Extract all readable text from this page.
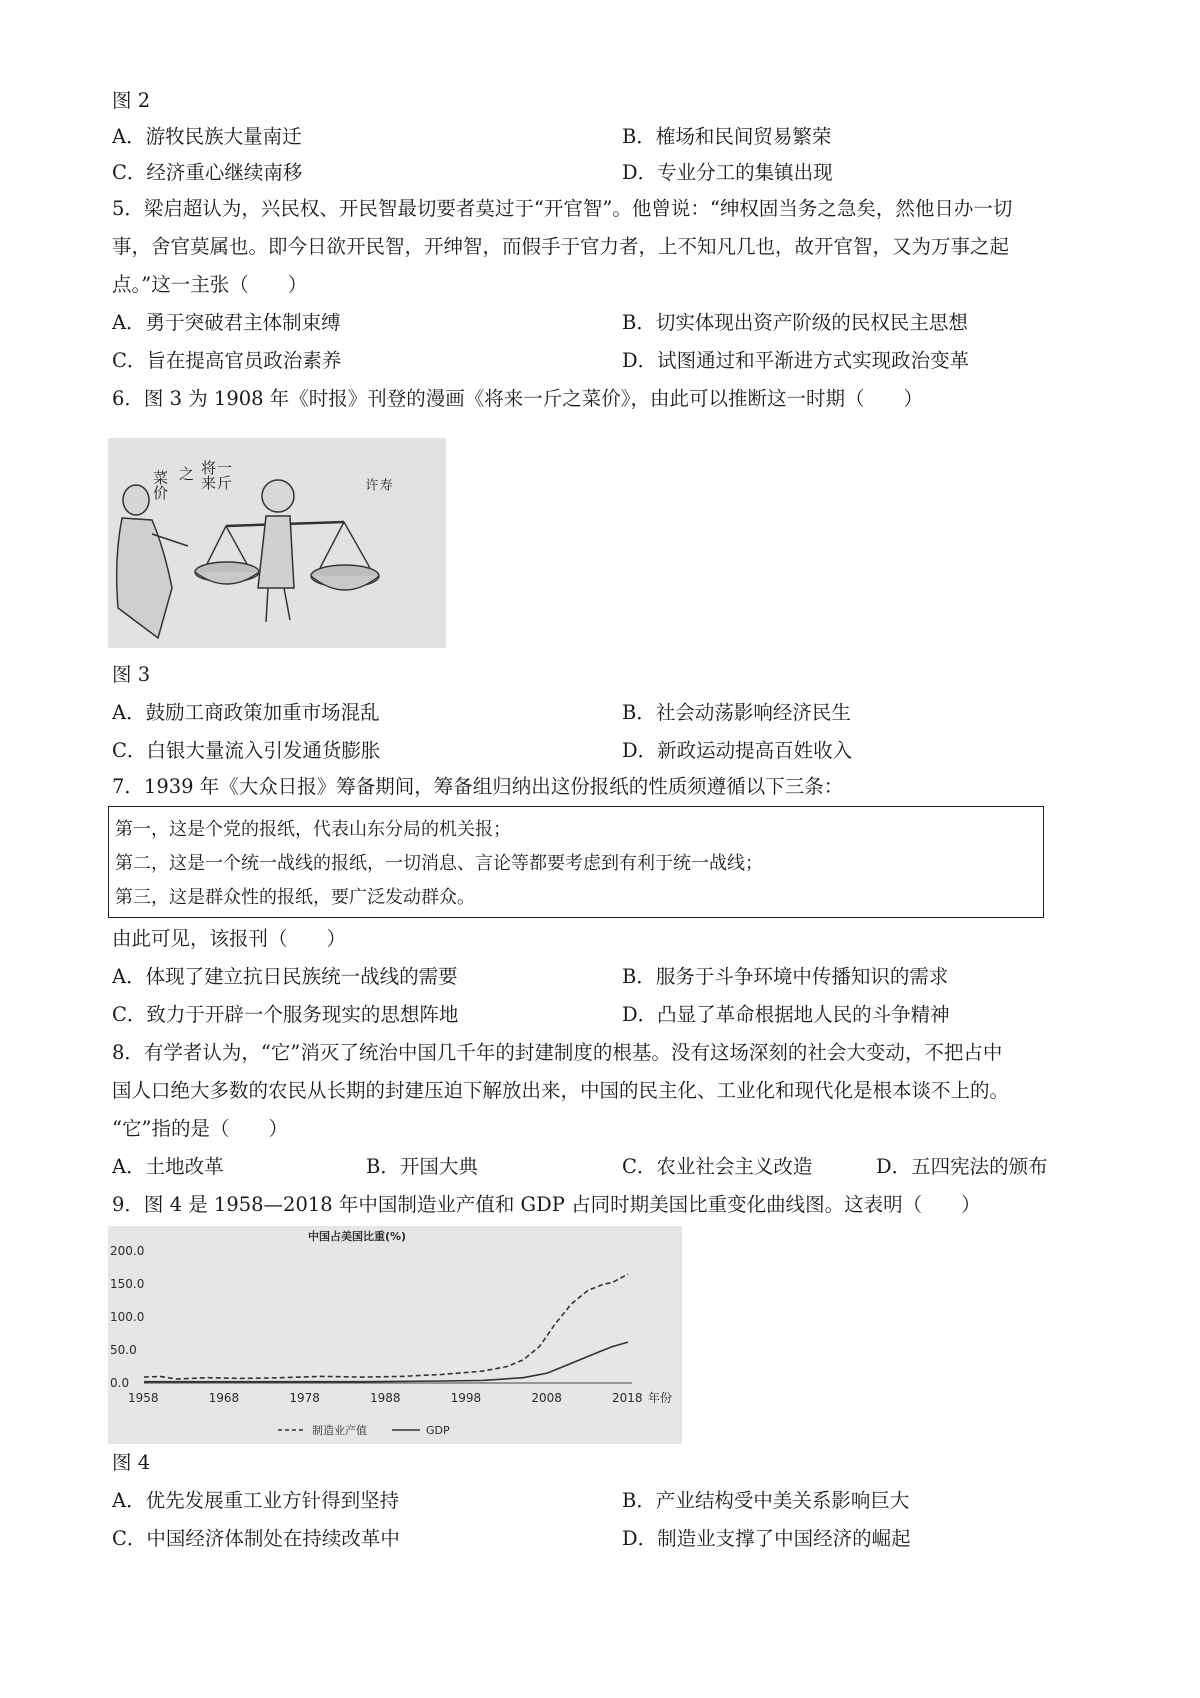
图 2
A．游牧民族大量南迁	B．榷场和民间贸易繁荣
C．经济重心继续南移	D．专业分工的集镇出现
5．梁启超认为，兴民权、开民智最切要者莫过于“开官智”。他曾说：“绅权固当务之急矣，然他日办一切
事，舍官莫属也。即今日欲开民智，开绅智，而假手于官力者，上不知凡几也，故开官智，又为万事之起
点。”这一主张（　　）
A．勇于突破君主体制束缚	B．切实体现出资产阶级的民权民主思想
C．旨在提高官员政治素养	D．试图通过和平渐进方式实现政治变革
6．图 3 为 1908 年《时报》刊登的漫画《将来一斤之菜价》，由此可以推断这一时期（　　）
一斤
将来
之
菜价	寿
许
图 3
A．鼓励工商政策加重市场混乱	B．社会动荡影响经济民生
C．白银大量流入引发通货膨胀	D．新政运动提高百姓收入
7．1939 年《大众日报》筹备期间，筹备组归纳出这份报纸的性质须遵循以下三条：
第一，这是个党的报纸，代表山东分局的机关报；
第二，这是一个统一战线的报纸，一切消息、言论等都要考虑到有利于统一战线；
第三，这是群众性的报纸，要广泛发动群众。
由此可见，该报刊（　　）
A．体现了建立抗日民族统一战线的需要	B．服务于斗争环境中传播知识的需求
C．致力于开辟一个服务现实的思想阵地	D．凸显了革命根据地人民的斗争精神
8．有学者认为，“它”消灭了统治中国几千年的封建制度的根基。没有这场深刻的社会大变动，不把占中
国人口绝大多数的农民从长期的封建压迫下解放出来，中国的民主化、工业化和现代化是根本谈不上的。
“它”指的是（　　）
A．土地改革	B．开国大典	C．农业社会主义改造	D．五四宪法的颁布
9．图 4 是 1958—2018 年中国制造业产值和 GDP 占同时期美国比重变化曲线图。这表明（　　）
中国占美国比重(%)
200.0
150.0
100.0
50.0
0.0
1958	1968	1978	1988	1998	2008	2018 年份
制造业产值	GDP
图 4
A．优先发展重工业方针得到坚持	B．产业结构受中美关系影响巨大
C．中国经济体制处在持续改革中	D．制造业支撑了中国经济的崛起
